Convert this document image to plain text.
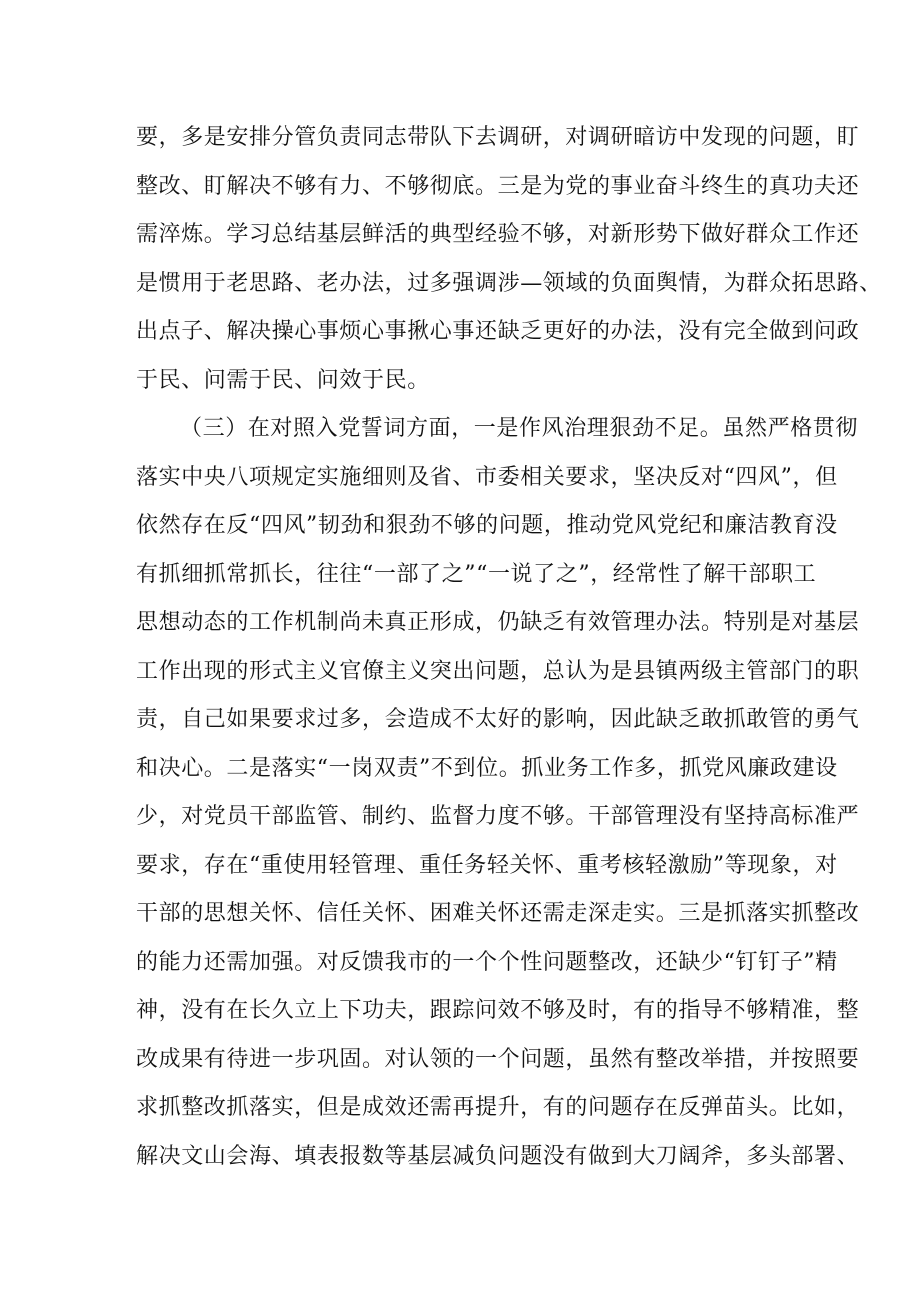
要，多是安排分管负责同志带队下去调研，对调研暗访中发现的问题，盯
整改、盯解决不够有力、不够彻底。三是为党的事业奋斗终生的真功夫还
需淬炼。学习总结基层鲜活的典型经验不够，对新形势下做好群众工作还
是惯用于老思路、老办法，过多强调涉—领域的负面舆情，为群众拓思路、
出点子、解决操心事烦心事揪心事还缺乏更好的办法，没有完全做到问政
于民、问需于民、问效于民。
（三）在对照入党誓词方面，一是作风治理狠劲不足。虽然严格贯彻
落实中央八项规定实施细则及省、市委相关要求，坚决反对“四风”，但
依然存在反“四风”韧劲和狠劲不够的问题，推动党风党纪和廉洁教育没
有抓细抓常抓长，往往“一部了之”“一说了之”，经常性了解干部职工
思想动态的工作机制尚未真正形成，仍缺乏有效管理办法。特别是对基层
工作出现的形式主义官僚主义突出问题，总认为是县镇两级主管部门的职
责，自己如果要求过多，会造成不太好的影响，因此缺乏敢抓敢管的勇气
和决心。二是落实“一岗双责”不到位。抓业务工作多，抓党风廉政建设
少，对党员干部监管、制约、监督力度不够。干部管理没有坚持高标准严
要求，存在“重使用轻管理、重任务轻关怀、重考核轻激励”等现象，对
干部的思想关怀、信任关怀、困难关怀还需走深走实。三是抓落实抓整改
的能力还需加强。对反馈我市的一个个性问题整改，还缺少“钉钉子”精
神，没有在长久立上下功夫，跟踪问效不够及时，有的指导不够精准，整
改成果有待进一步巩固。对认领的一个问题，虽然有整改举措，并按照要
求抓整改抓落实，但是成效还需再提升，有的问题存在反弹苗头。比如，
解决文山会海、填表报数等基层减负问题没有做到大刀阔斧，多头部署、
